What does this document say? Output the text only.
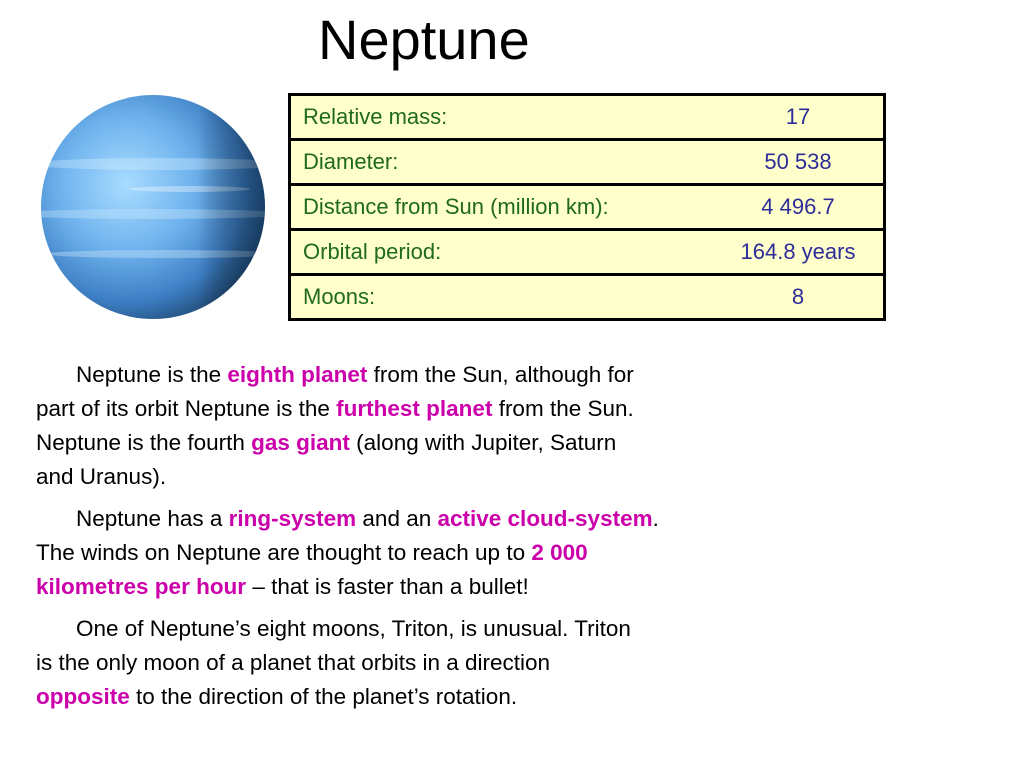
Neptune
Relative mass:	17
Diameter:	50 538
Distance from Sun (million km):	4 496.7
Orbital period:	164.8 years
Moons:	8

Neptune is the eighth planet from the Sun, although for
part of its orbit Neptune is the furthest planet from the Sun.
Neptune is the fourth gas giant (along with Jupiter, Saturn
and Uranus).

Neptune has a ring-system and an active cloud-system.
The winds on Neptune are thought to reach up to 2 000
kilometres per hour – that is faster than a bullet!

One of Neptune’s eight moons, Triton, is unusual. Triton
is the only moon of a planet that orbits in a direction
opposite to the direction of the planet’s rotation.
